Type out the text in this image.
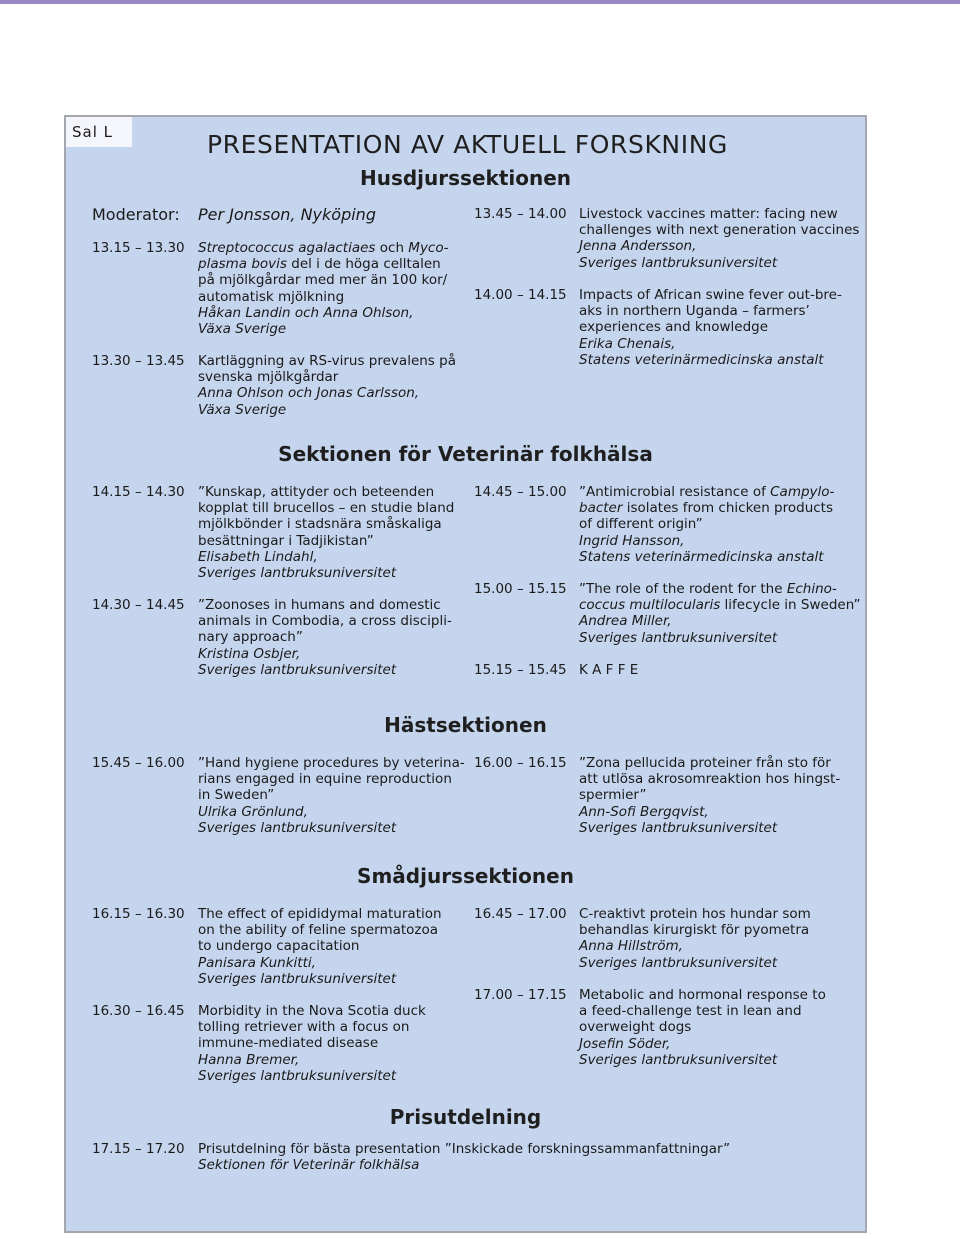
Sal L	PRESENTATION AV AKTUELL FORSKNING
Husdjurssektionen
Moderator: Per Jonsson, Nyköping
13.15 – 13.30 Streptococcus agalactiaes och Myco-
plasma bovis del i de höga celltalen
på mjölkgårdar med mer än 100 kor/
automatisk mjölkning
Håkan Landin och Anna Ohlson,
Växa Sverige
13.30 – 13.45 Kartläggning av RS-virus prevalens på
svenska mjölkgårdar
Anna Ohlson och Jonas Carlsson,
Växa Sverige
13.45 – 14.00 Livestock vaccines matter: facing new
challenges with next generation vaccines
Jenna Andersson,
Sveriges lantbruksuniversitet
14.00 – 14.15 Impacts of African swine fever out-bre-
aks in northern Uganda – farmers’
experiences and knowledge
Erika Chenais,
Statens veterinärmedicinska anstalt
Sektionen för Veterinär folkhälsa
14.15 – 14.30 ”Kunskap, attityder och beteenden
kopplat till brucellos – en studie bland
mjölkbönder i stadsnära småskaliga
besättningar i Tadjikistan”
Elisabeth Lindahl,
Sveriges lantbruksuniversitet
14.30 – 14.45 ”Zoonoses in humans and domestic
animals in Combodia, a cross discipli-
nary approach”
Kristina Osbjer,
Sveriges lantbruksuniversitet
14.45 – 15.00 ”Antimicrobial resistance of Campylo-
bacter isolates from chicken products
of different origin”
Ingrid Hansson,
Statens veterinärmedicinska anstalt
15.00 – 15.15 ”The role of the rodent for the Echino-
coccus multilocularis lifecycle in Sweden”
Andrea Miller,
Sveriges lantbruksuniversitet
15.15 – 15.45 K A F F E
Hästsektionen
15.45 – 16.00 ”Hand hygiene procedures by veterina-
rians engaged in equine reproduction
in Sweden”
Ulrika Grönlund,
Sveriges lantbruksuniversitet
16.00 – 16.15 ”Zona pellucida proteiner från sto för
att utlösa akrosomreaktion hos hingst-
spermier”
Ann-Sofi Bergqvist,
Sveriges lantbruksuniversitet
Smådjurssektionen
16.15 – 16.30 The effect of epididymal maturation
on the ability of feline spermatozoa
to undergo capacitation
Panisara Kunkitti,
Sveriges lantbruksuniversitet
16.30 – 16.45 Morbidity in the Nova Scotia duck
tolling retriever with a focus on
immune-mediated disease
Hanna Bremer,
Sveriges lantbruksuniversitet
16.45 – 17.00 C-reaktivt protein hos hundar som
behandlas kirurgiskt för pyometra
Anna Hillström,
Sveriges lantbruksuniversitet
17.00 – 17.15 Metabolic and hormonal response to
a feed-challenge test in lean and
overweight dogs
Josefin Söder,
Sveriges lantbruksuniversitet
Prisutdelning
17.15 – 17.20 Prisutdelning för bästa presentation ”Inskickade forskningssammanfattningar”
Sektionen för Veterinär folkhälsa
